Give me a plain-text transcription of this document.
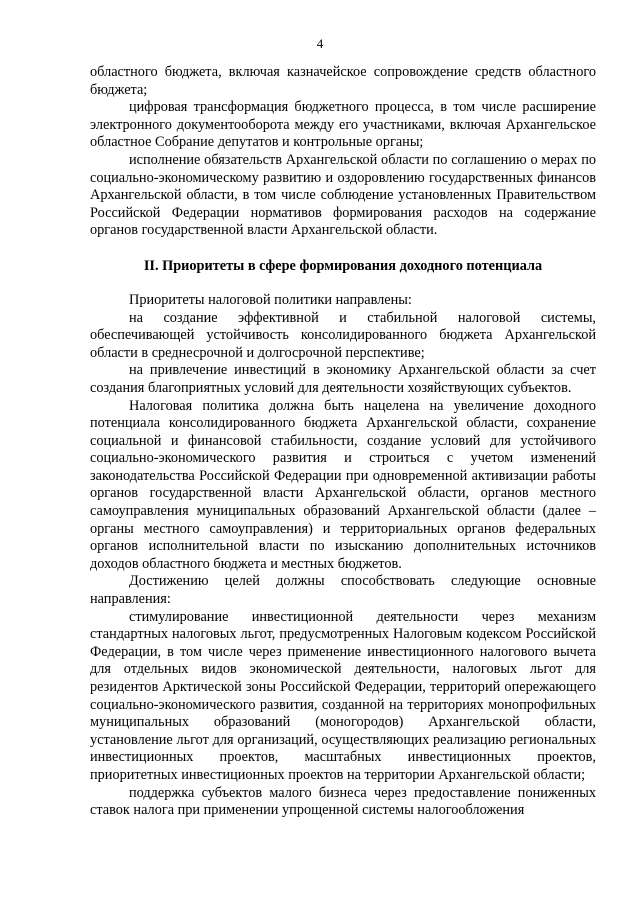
4

областного бюджета, включая казначейское сопровождение средств областного бюджета;

цифровая трансформация бюджетного процесса, в том числе расширение электронного документооборота между его участниками, включая Архангельское областное Собрание депутатов и контрольные органы;

исполнение обязательств Архангельской области по соглашению о мерах по социально-экономическому развитию и оздоровлению государственных финансов Архангельской области, в том числе соблюдение установленных Правительством Российской Федерации нормативов формирования расходов на содержание органов государственной власти Архангельской области.

II. Приоритеты в сфере формирования доходного потенциала

Приоритеты налоговой политики направлены:

на создание эффективной и стабильной налоговой системы, обеспечивающей устойчивость консолидированного бюджета Архангельской области в среднесрочной и долгосрочной перспективе;

на привлечение инвестиций в экономику Архангельской области за счет создания благоприятных условий для деятельности хозяйствующих субъектов.

Налоговая политика должна быть нацелена на увеличение доходного потенциала консолидированного бюджета Архангельской области, сохранение социальной и финансовой стабильности, создание условий для устойчивого социально-экономического развития и строиться с учетом изменений законодательства Российской Федерации при одновременной активизации работы органов государственной власти Архангельской области, органов местного самоуправления муниципальных образований Архангельской области (далее – органы местного самоуправления) и территориальных органов федеральных органов исполнительной власти по изысканию дополнительных источников доходов областного бюджета и местных бюджетов.

Достижению целей должны способствовать следующие основные направления:

стимулирование инвестиционной деятельности через механизм стандартных налоговых льгот, предусмотренных Налоговым кодексом Российской Федерации, в том числе через применение инвестиционного налогового вычета для отдельных видов экономической деятельности, налоговых льгот для резидентов Арктической зоны Российской Федерации, территорий опережающего социально-экономического развития, созданной на территориях монопрофильных муниципальных образований (моногородов) Архангельской области, установление льгот для организаций, осуществляющих реализацию региональных инвестиционных проектов, масштабных инвестиционных проектов, приоритетных инвестиционных проектов на территории Архангельской области;

поддержка субъектов малого бизнеса через предоставление пониженных ставок налога при применении упрощенной системы налогообложения
